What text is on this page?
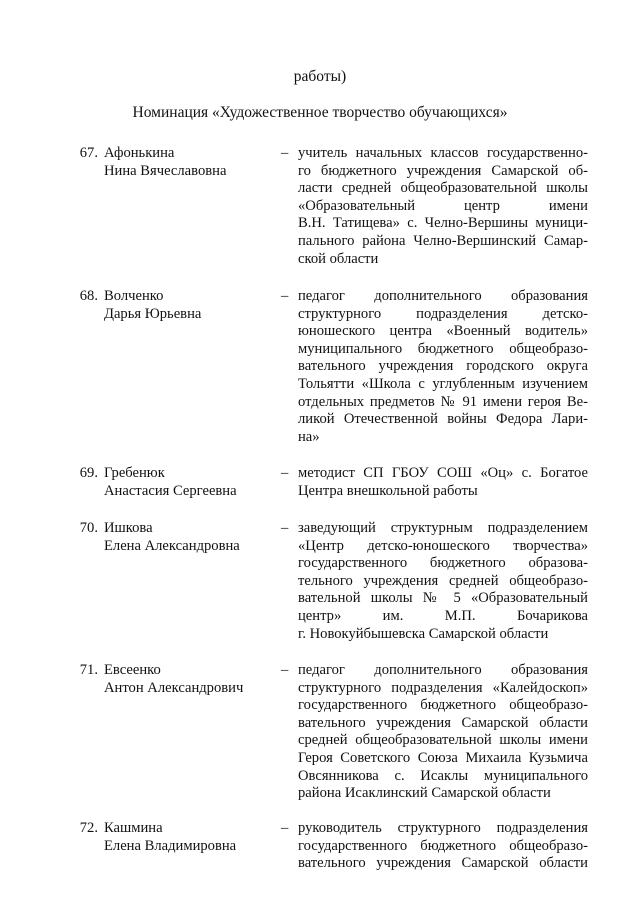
работы)
Номинация «Художественное творчество обучающихся»
67. Афонькина
Нина Вячеславовна
– учитель начальных классов государственно-
го бюджетного учреждения Самарской об-
ласти средней общеобразовательной школы
«Образовательный центр имени
В.Н. Татищева» с. Челно-Вершины муници-
пального района Челно-Вершинский Самар-
ской области
68. Волченко
Дарья Юрьевна
– педагог дополнительного образования
структурного подразделения детско-
юношеского центра «Военный водитель»
муниципального бюджетного общеобразо-
вательного учреждения городского округа
Тольятти «Школа с углубленным изучением
отдельных предметов № 91 имени героя Ве-
ликой Отечественной войны Федора Лари-
на»
69. Гребенюк
Анастасия Сергеевна
– методист СП ГБОУ СОШ «Оц» с. Богатое
Центра внешкольной работы
70. Ишкова
Елена Александровна
– заведующий структурным подразделением
«Центр детско-юношеского творчества»
государственного бюджетного образова-
тельного учреждения средней общеобразо-
вательной школы № 5 «Образовательный
центр» им. М.П. Бочарикова
г. Новокуйбышевска Самарской области
71. Евсеенко
Антон Александрович
– педагог дополнительного образования
структурного подразделения «Калейдоскоп»
государственного бюджетного общеобразо-
вательного учреждения Самарской области
средней общеобразовательной школы имени
Героя Советского Союза Михаила Кузьмича
Овсянникова с. Исаклы муниципального
района Исаклинский Самарской области
72. Кашмина
Елена Владимировна
– руководитель структурного подразделения
государственного бюджетного общеобразо-
вательного учреждения Самарской области
